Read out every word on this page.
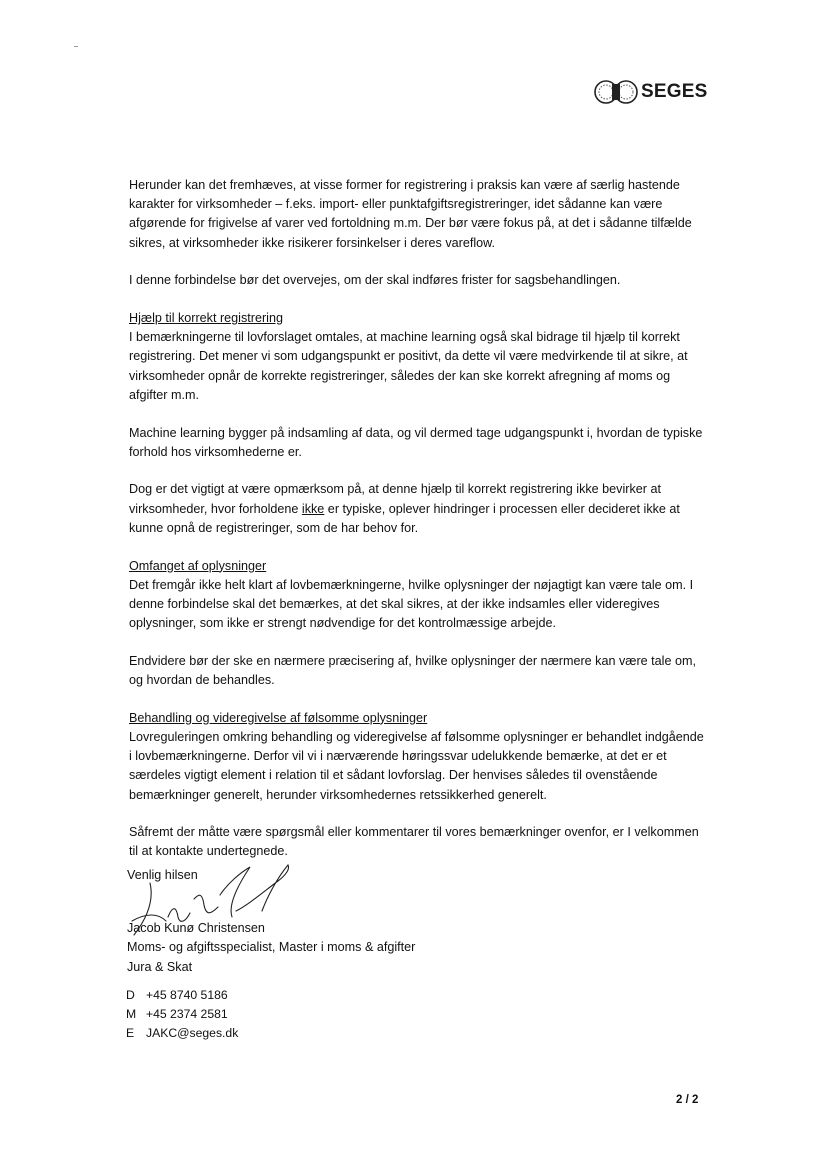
SEGES

Herunder kan det fremhæves, at visse former for registrering i praksis kan være af særlig hastende karakter for virksomheder – f.eks. import- eller punktafgiftsregistreringer, idet sådanne kan være afgørende for frigivelse af varer ved fortoldning m.m. Der bør være fokus på, at det i sådanne tilfælde sikres, at virksomheder ikke risikerer forsinkelser i deres vareflow.

I denne forbindelse bør det overvejes, om der skal indføres frister for sagsbehandlingen.

Hjælp til korrekt registrering
I bemærkningerne til lovforslaget omtales, at machine learning også skal bidrage til hjælp til korrekt registrering. Det mener vi som udgangspunkt er positivt, da dette vil være medvirkende til at sikre, at virksomheder opnår de korrekte registreringer, således der kan ske korrekt afregning af moms og afgifter m.m.

Machine learning bygger på indsamling af data, og vil dermed tage udgangspunkt i, hvordan de typiske forhold hos virksomhederne er.

Dog er det vigtigt at være opmærksom på, at denne hjælp til korrekt registrering ikke bevirker at virksomheder, hvor forholdene ikke er typiske, oplever hindringer i processen eller decideret ikke at kunne opnå de registreringer, som de har behov for.

Omfanget af oplysninger
Det fremgår ikke helt klart af lovbemærkningerne, hvilke oplysninger der nøjagtigt kan være tale om. I denne forbindelse skal det bemærkes, at det skal sikres, at der ikke indsamles eller videregives oplysninger, som ikke er strengt nødvendige for det kontrolmæssige arbejde.

Endvidere bør der ske en nærmere præcisering af, hvilke oplysninger der nærmere kan være tale om, og hvordan de behandles.

Behandling og videregivelse af følsomme oplysninger
Lovreguleringen omkring behandling og videregivelse af følsomme oplysninger er behandlet indgående i lovbemærkningerne. Derfor vil vi i nærværende høringssvar udelukkende bemærke, at det er et særdeles vigtigt element i relation til et sådant lovforslag. Der henvises således til ovenstående bemærkninger generelt, herunder virksomhedernes retssikkerhed generelt.

Såfremt der måtte være spørgsmål eller kommentarer til vores bemærkninger ovenfor, er I velkommen til at kontakte undertegnede.

Venlig hilsen
Jacob Kunø Christensen
Moms- og afgiftsspecialist, Master i moms & afgifter
Jura & Skat
D +45 8740 5186
M +45 2374 2581
E JAKC@seges.dk
2 / 2
